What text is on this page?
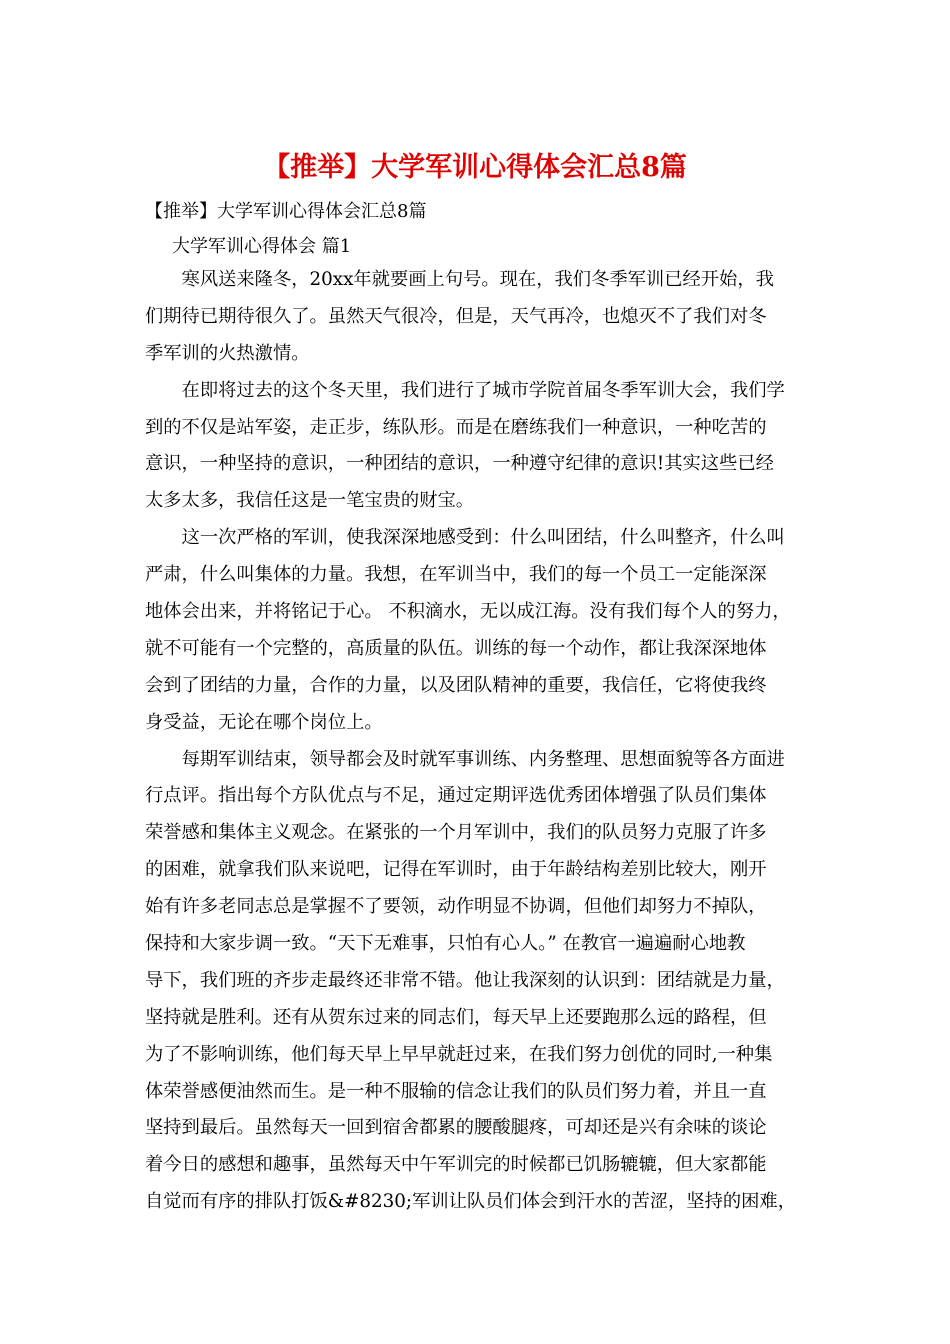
【推举】大学军训心得体会汇总8篇
【推举】大学军训心得体会汇总8篇
大学军训心得体会 篇1
　　寒风送来隆冬，20xx年就要画上句号。现在，我们冬季军训已经开始，我
们期待已期待很久了。虽然天气很冷，但是，天气再冷，也熄灭不了我们对冬
季军训的火热激情。
　　在即将过去的这个冬天里，我们进行了城市学院首届冬季军训大会，我们学
到的不仅是站军姿，走正步，练队形。而是在磨练我们一种意识，一种吃苦的
意识，一种坚持的意识，一种团结的意识，一种遵守纪律的意识!其实这些已经
太多太多，我信任这是一笔宝贵的财宝。
　　这一次严格的军训，使我深深地感受到：什么叫团结，什么叫整齐，什么叫
严肃，什么叫集体的力量。我想，在军训当中，我们的每一个员工一定能深深
地体会出来，并将铭记于心。 不积滴水，无以成江海。没有我们每个人的努力，
就不可能有一个完整的，高质量的队伍。训练的每一个动作，都让我深深地体
会到了团结的力量，合作的力量，以及团队精神的重要，我信任，它将使我终
身受益，无论在哪个岗位上。
　　每期军训结束，领导都会及时就军事训练、内务整理、思想面貌等各方面进
行点评。指出每个方队优点与不足，通过定期评选优秀团体增强了队员们集体
荣誉感和集体主义观念。在紧张的一个月军训中，我们的队员努力克服了许多
的困难，就拿我们队来说吧，记得在军训时，由于年龄结构差别比较大，刚开
始有许多老同志总是掌握不了要领，动作明显不协调，但他们却努力不掉队，
保持和大家步调一致。“天下无难事，只怕有心人。” 在教官一遍遍耐心地教
导下，我们班的齐步走最终还非常不错。他让我深刻的认识到：团结就是力量，
坚持就是胜利。还有从贺东过来的同志们，每天早上还要跑那么远的路程，但
为了不影响训练，他们每天早上早早就赶过来，在我们努力创优的同时,一种集
体荣誉感便油然而生。是一种不服输的信念让我们的队员们努力着，并且一直
坚持到最后。虽然每天一回到宿舍都累的腰酸腿疼，可却还是兴有余味的谈论
着今日的感想和趣事，虽然每天中午军训完的时候都已饥肠辘辘，但大家都能
自觉而有序的排队打饭&#8230;军训让队员们体会到汗水的苦涩，坚持的困难，
